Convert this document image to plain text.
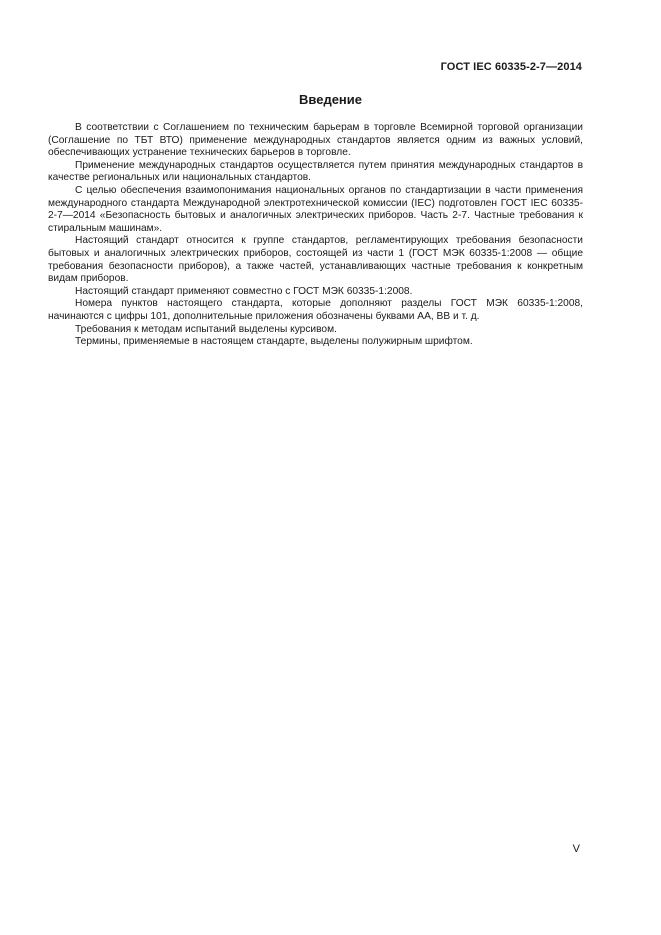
ГОСТ IEC 60335-2-7—2014
Введение

В соответствии с Соглашением по техническим барьерам в торговле Всемирной торговой организации (Соглашение по ТБТ ВТО) применение международных стандартов является одним из важных условий, обеспечивающих устранение технических барьеров в торговле.

Применение международных стандартов осуществляется путем принятия международных стандартов в качестве региональных или национальных стандартов.

С целью обеспечения взаимопонимания национальных органов по стандартизации в части применения международного стандарта Международной электротехнической комиссии (IEC) подготовлен ГОСТ IEC 60335-2-7—2014 «Безопасность бытовых и аналогичных электрических приборов. Часть 2-7. Частные требования к стиральным машинам».

Настоящий стандарт относится к группе стандартов, регламентирующих требования безопасности бытовых и аналогичных электрических приборов, состоящей из части 1 (ГОСТ МЭК 60335-1:2008 — общие требования безопасности приборов), а также частей, устанавливающих частные требования к конкретным видам приборов.

Настоящий стандарт применяют совместно с ГОСТ МЭК 60335-1:2008.

Номера пунктов настоящего стандарта, которые дополняют разделы ГОСТ МЭК 60335-1:2008, начинаются с цифры 101, дополнительные приложения обозначены буквами АА, ВВ и т. д.

Требования к методам испытаний выделены курсивом.

Термины, применяемые в настоящем стандарте, выделены полужирным шрифтом.

V
